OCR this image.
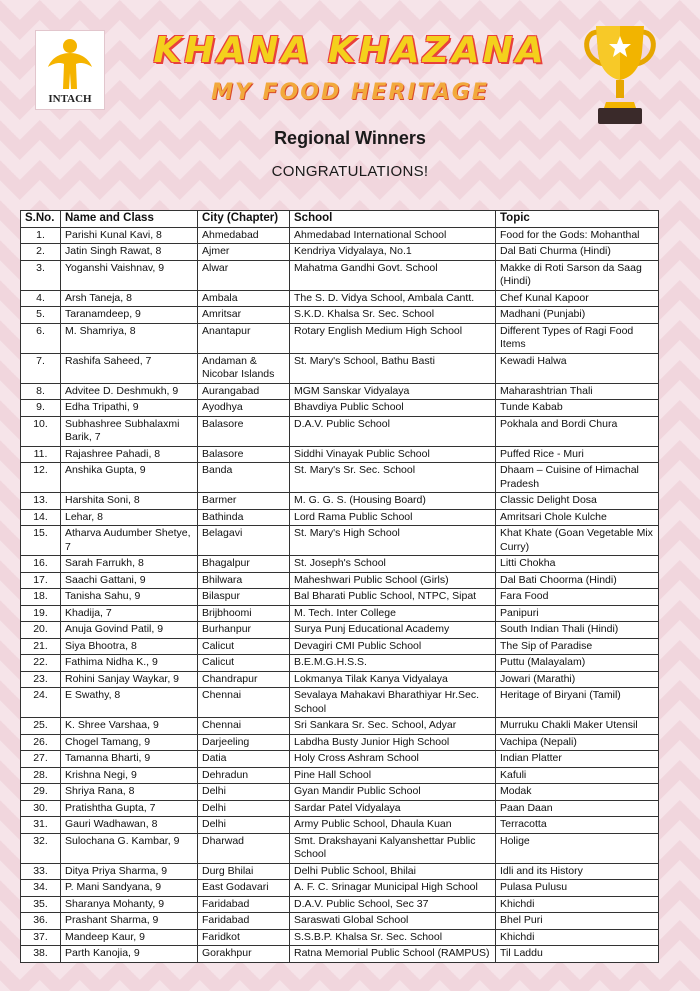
INTACH
KHANA KHAZANA
MY FOOD HERITAGE
Regional Winners
CONGRATULATIONS!
S.No.	Name and Class	City (Chapter)	School	Topic
1.	Parishi Kunal Kavi, 8	Ahmedabad	Ahmedabad International School	Food for the Gods: Mohanthal
2.	Jatin Singh Rawat, 8	Ajmer	Kendriya Vidyalaya, No.1	Dal Bati Churma (Hindi)
3.	Yoganshi Vaishnav, 9	Alwar	Mahatma Gandhi Govt. School	Makke di Roti Sarson da Saag (Hindi)
4.	Arsh Taneja, 8	Ambala	The S. D. Vidya School, Ambala Cantt.	Chef Kunal Kapoor
5.	Taranamdeep, 9	Amritsar	S.K.D. Khalsa Sr. Sec. School	Madhani (Punjabi)
6.	M. Shamriya, 8	Anantapur	Rotary English Medium High School	Different Types of Ragi Food Items
7.	Rashifa Saheed, 7	Andaman & Nicobar Islands	St. Mary's School, Bathu Basti	Kewadi Halwa
8.	Advitee D. Deshmukh, 9	Aurangabad	MGM Sanskar Vidyalaya	Maharashtrian Thali
9.	Edha Tripathi, 9	Ayodhya	Bhavdiya Public School	Tunde Kabab
10.	Subhashree Subhalaxmi Barik, 7	Balasore	D.A.V. Public School	Pokhala and Bordi Chura
11.	Rajashree Pahadi, 8	Balasore	Siddhi Vinayak Public School	Puffed Rice - Muri
12.	Anshika Gupta, 9	Banda	St. Mary's Sr. Sec. School	Dhaam – Cuisine of Himachal Pradesh
13.	Harshita Soni, 8	Barmer	M. G. G. S. (Housing Board)	Classic Delight Dosa
14.	Lehar, 8	Bathinda	Lord Rama Public School	Amritsari Chole Kulche
15.	Atharva Audumber Shetye, 7	Belagavi	St. Mary's High School	Khat Khate (Goan Vegetable Mix Curry)
16.	Sarah Farrukh, 8	Bhagalpur	St. Joseph's School	Litti Chokha
17.	Saachi Gattani, 9	Bhilwara	Maheshwari Public School (Girls)	Dal Bati Choorma (Hindi)
18.	Tanisha Sahu, 9	Bilaspur	Bal Bharati Public School, NTPC, Sipat	Fara Food
19.	Khadija, 7	Brijbhoomi	M. Tech. Inter College	Panipuri
20.	Anuja Govind Patil, 9	Burhanpur	Surya Punj Educational Academy	South Indian Thali (Hindi)
21.	Siya Bhootra, 8	Calicut	Devagiri CMI Public School	The Sip of Paradise
22.	Fathima Nidha K., 9	Calicut	B.E.M.G.H.S.S.	Puttu (Malayalam)
23.	Rohini Sanjay Waykar, 9	Chandrapur	Lokmanya Tilak Kanya Vidyalaya	Jowari (Marathi)
24.	E Swathy, 8	Chennai	Sevalaya Mahakavi Bharathiyar Hr.Sec. School	Heritage of Biryani (Tamil)
25.	K. Shree Varshaa, 9	Chennai	Sri Sankara Sr. Sec. School, Adyar	Murruku Chakli Maker Utensil
26.	Chogel Tamang, 9	Darjeeling	Labdha Busty Junior High School	Vachipa (Nepali)
27.	Tamanna Bharti, 9	Datia	Holy Cross Ashram School	Indian Platter
28.	Krishna Negi, 9	Dehradun	Pine Hall School	Kafuli
29.	Shriya Rana, 8	Delhi	Gyan Mandir Public School	Modak
30.	Pratishtha Gupta, 7	Delhi	Sardar Patel Vidyalaya	Paan Daan
31.	Gauri Wadhawan, 8	Delhi	Army Public School, Dhaula Kuan	Terracotta
32.	Sulochana G. Kambar, 9	Dharwad	Smt. Drakshayani Kalyanshettar Public School	Holige
33.	Ditya Priya Sharma, 9	Durg Bhilai	Delhi Public School, Bhilai	Idli and its History
34.	P. Mani Sandyana, 9	East Godavari	A. F. C. Srinagar Municipal High School	Pulasa Pulusu
35.	Sharanya Mohanty, 9	Faridabad	D.A.V. Public School, Sec 37	Khichdi
36.	Prashant Sharma, 9	Faridabad	Saraswati Global School	Bhel Puri
37.	Mandeep Kaur, 9	Faridkot	S.S.B.P. Khalsa Sr. Sec. School	Khichdi
38.	Parth Kanojia, 9	Gorakhpur	Ratna Memorial Public School (RAMPUS)	Til Laddu
